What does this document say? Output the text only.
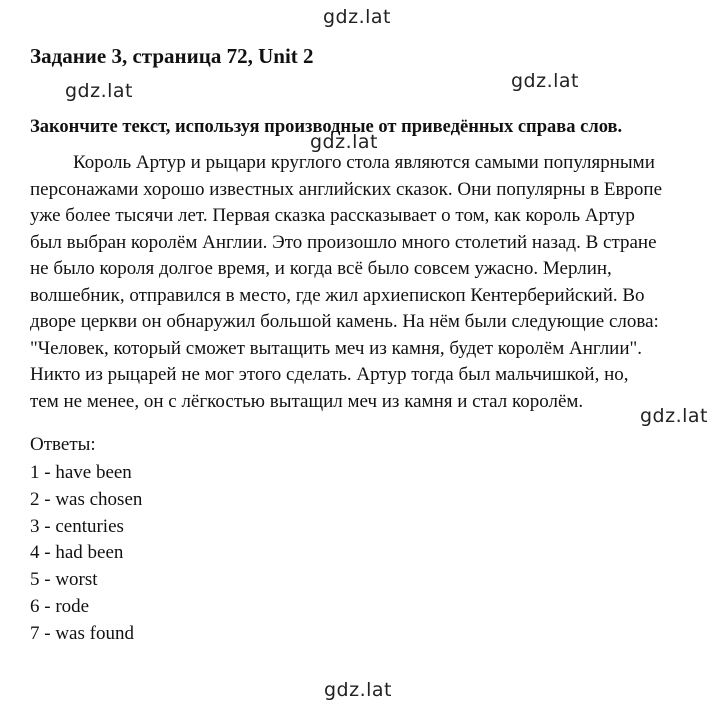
gdz.lat
gdz.lat	gdz.lat
gdz.lat
gdz.lat
gdz.lat
Задание 3, страница 72, Unit 2
Закончите текст, используя производные от приведённых справа слов.

Король Артур и рыцари круглого стола являются самыми популярными
персонажами хорошо известных английских сказок. Они популярны в Европе
уже более тысячи лет. Первая сказка рассказывает о том, как король Артур
был выбран королём Англии. Это произошло много столетий назад. В стране
не было короля долгое время, и когда всё было совсем ужасно. Мерлин,
волшебник, отправился в место, где жил архиепископ Кентерберийский. Во
дворе церкви он обнаружил большой камень. На нём были следующие слова:
"Человек, который сможет вытащить меч из камня, будет королём Англии".
Никто из рыцарей не мог этого сделать. Артур тогда был мальчишкой, но,
тем не менее, он с лёгкостью вытащил меч из камня и стал королём.

Ответы:
1 - have been
2 - was chosen
3 - centuries
4 - had been
5 - worst
6 - rode
7 - was found
